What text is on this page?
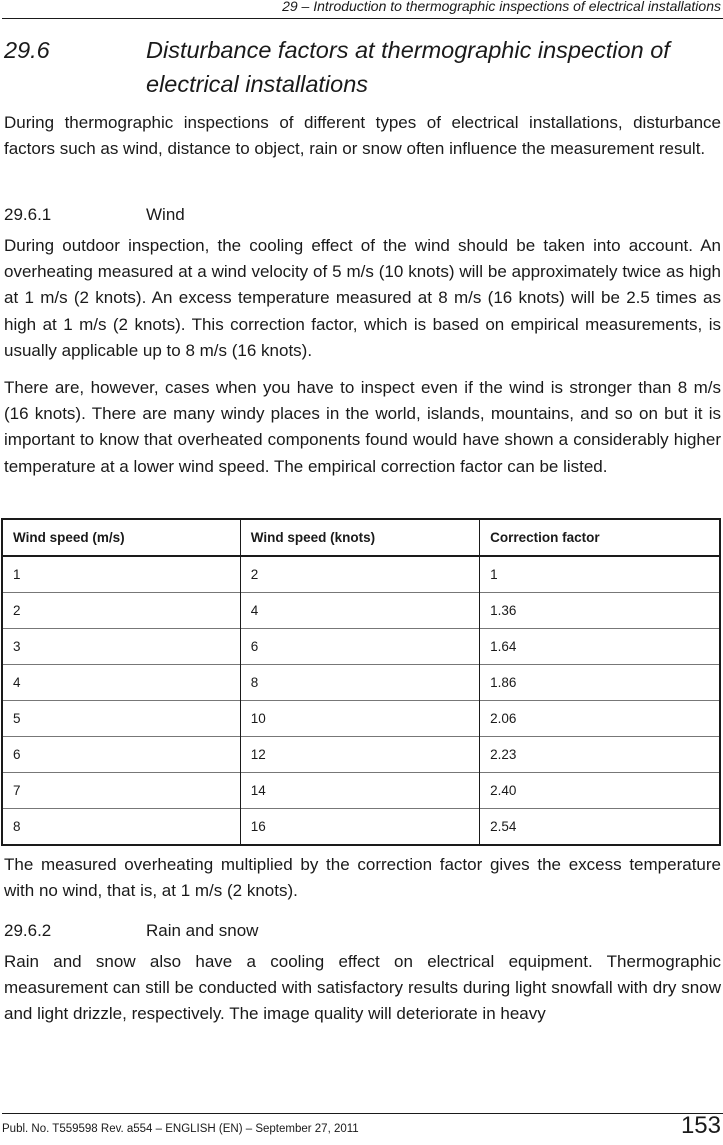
29 – Introduction to thermographic inspections of electrical installations
29.6	Disturbance factors at thermographic inspection of electrical installations

During thermographic inspections of different types of electrical installations, disturbance factors such as wind, distance to object, rain or snow often influence the measurement result.

29.6.1	Wind

During outdoor inspection, the cooling effect of the wind should be taken into account. An overheating measured at a wind velocity of 5 m/s (10 knots) will be approximately twice as high at 1 m/s (2 knots). An excess temperature measured at 8 m/s (16 knots) will be 2.5 times as high at 1 m/s (2 knots). This correction factor, which is based on empirical measurements, is usually applicable up to 8 m/s (16 knots).

There are, however, cases when you have to inspect even if the wind is stronger than 8 m/s (16 knots). There are many windy places in the world, islands, mountains, and so on but it is important to know that overheated components found would have shown a considerably higher temperature at a lower wind speed. The empirical correction factor can be listed.

Wind speed (m/s)	Wind speed (knots)	Correction factor
1	2	1
2	4	1.36
3	6	1.64
4	8	1.86
5	10	2.06
6	12	2.23
7	14	2.40
8	16	2.54

The measured overheating multiplied by the correction factor gives the excess temperature with no wind, that is, at 1 m/s (2 knots).

29.6.2	Rain and snow

Rain and snow also have a cooling effect on electrical equipment. Thermographic measurement can still be conducted with satisfactory results during light snowfall with dry snow and light drizzle, respectively. The image quality will deteriorate in heavy

Publ. No. T559598 Rev. a554 – ENGLISH (EN) – September 27, 2011	153
